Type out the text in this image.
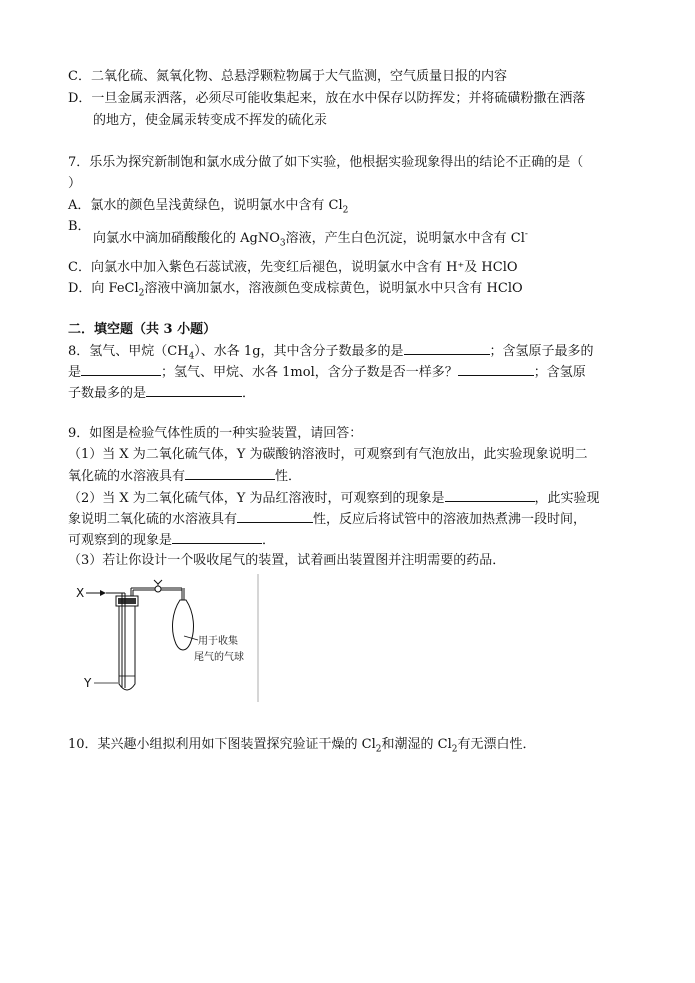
C．二氧化硫、氮氧化物、总悬浮颗粒物属于大气监测，空气质量日报的内容
D．一旦金属汞洒落，必须尽可能收集起来，放在水中保存以防挥发；并将硫磺粉撒在洒落
的地方，使金属汞转变成不挥发的硫化汞
7．乐乐为探究新制饱和氯水成分做了如下实验，他根据实验现象得出的结论不正确的是（
）
A．氯水的颜色呈浅黄绿色，说明氯水中含有 $Cl_2$
B．
向氯水中滴加硝酸酸化的 AgNO$_3$溶液，产生白色沉淀，说明氯水中含有 Cl-
C．向氯水中加入紫色石蕊试液，先变红后褪色，说明氯水中含有 H⁺及 HClO
D．向 FeCl$_2$溶液中滴加氯水，溶液颜色变成棕黄色，说明氯水中只含有 HClO
二．填空题（共 3 小题）
8．氢气、甲烷$(CH_4)$、水各 1g，其中含分子数最多的是	；含氢原子最多的
是	；氢气、甲烷、水各 1mol，含分子数是否一样多？	；含氢原
子数最多的是	．
9．如图是检验气体性质的一种实验装置，请回答：
（1）当 X 为二氧化硫气体，Y 为碳酸钠溶液时，可观察到有气泡放出，此实验现象说明二
氧化硫的水溶液具有	性．
（2）当 X 为二氧化硫气体，Y 为品红溶液时，可观察到的现象是	，此实验现
象说明二氧化硫的水溶液具有	性，反应后将试管中的溶液加热煮沸一段时间，
可观察到的现象是	．
（3）若让你设计一个吸收尾气的装置，试着画出装置图并注明需要的药品．
X
用于收集
尾气的气球
Y
10．某兴趣小组拟利用如下图装置探究验证干燥的 $Cl_2$和潮湿的 $Cl_2$有无漂白性．
